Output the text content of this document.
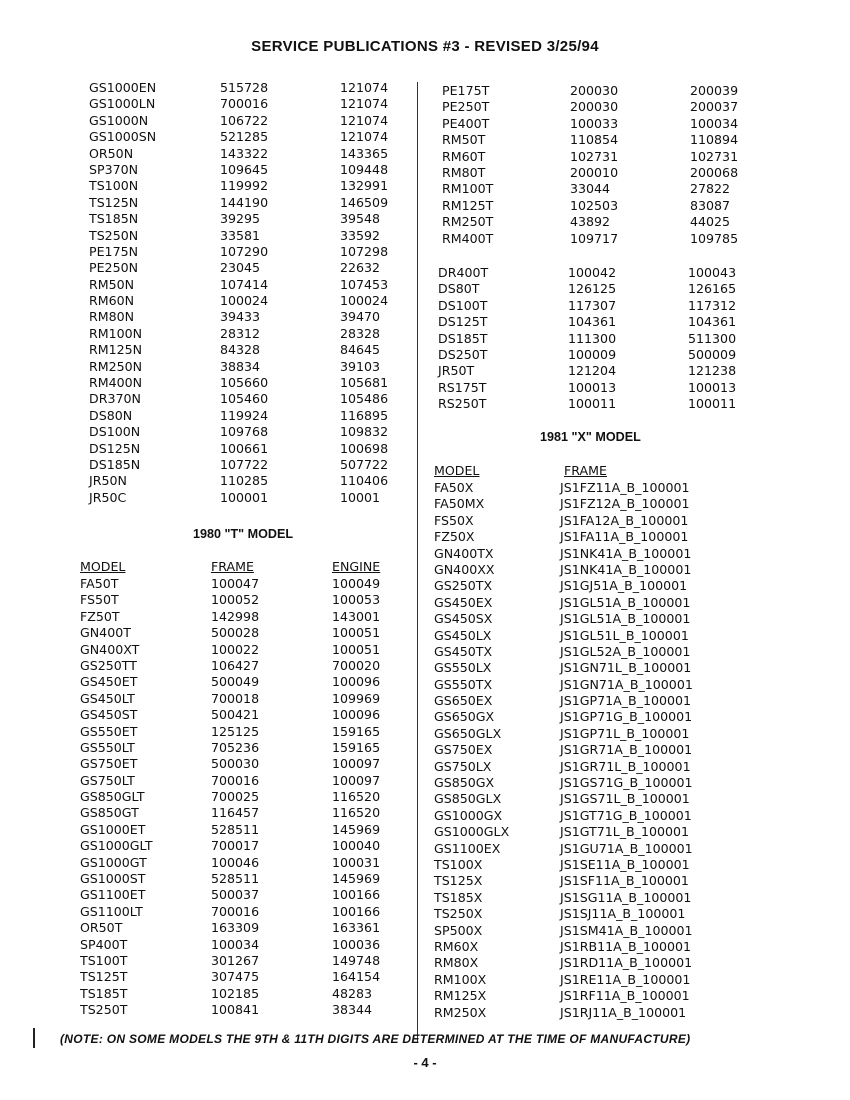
SERVICE PUBLICATIONS #3 - REVISED 3/25/94
GS1000EN	515728	121074
GS1000LN	700016	121074
GS1000N	106722	121074
GS1000SN	521285	121074
OR50N	143322	143365
SP370N	109645	109448
TS100N	119992	132991
TS125N	144190	146509
TS185N	39295	39548
TS250N	33581	33592
PE175N	107290	107298
PE250N	23045	22632
RM50N	107414	107453
RM60N	100024	100024
RM80N	39433	39470
RM100N	28312	28328
RM125N	84328	84645
RM250N	38834	39103
RM400N	105660	105681
DR370N	105460	105486
DS80N	119924	116895
DS100N	109768	109832
DS125N	100661	100698
DS185N	107722	507722
JR50N	110285	110406
JR50C	100001	10001
1980 "T" MODEL
MODEL	FRAME	ENGINE
FA50T	100047	100049
FS50T	100052	100053
FZ50T	142998	143001
GN400T	500028	100051
GN400XT	100022	100051
GS250TT	106427	700020
GS450ET	500049	100096
GS450LT	700018	109969
GS450ST	500421	100096
GS550ET	125125	159165
GS550LT	705236	159165
GS750ET	500030	100097
GS750LT	700016	100097
GS850GLT	700025	116520
GS850GT	116457	116520
GS1000ET	528511	145969
GS1000GLT	700017	100040
GS1000GT	100046	100031
GS1000ST	528511	145969
GS1100ET	500037	100166
GS1100LT	700016	100166
OR50T	163309	163361
SP400T	100034	100036
TS100T	301267	149748
TS125T	307475	164154
TS185T	102185	48283
TS250T	100841	38344
PE175T	200030	200039
PE250T	200030	200037
PE400T	100033	100034
RM50T	110854	110894
RM60T	102731	102731
RM80T	200010	200068
RM100T	33044	27822
RM125T	102503	83087
RM250T	43892	44025
RM400T	109717	109785
DR400T	100042	100043
DS80T	126125	126165
DS100T	117307	117312
DS125T	104361	104361
DS185T	111300	511300
DS250T	100009	500009
JR50T	121204	121238
RS175T	100013	100013
RS250T	100011	100011
1981 "X" MODEL
MODEL	FRAME
FA50X	JS1FZ11A_B_100001
FA50MX	JS1FZ12A_B_100001
FS50X	JS1FA12A_B_100001
FZ50X	JS1FA11A_B_100001
GN400TX	JS1NK41A_B_100001
GN400XX	JS1NK41A_B_100001
GS250TX	JS1GJ51A_B_100001
GS450EX	JS1GL51A_B_100001
GS450SX	JS1GL51A_B_100001
GS450LX	JS1GL51L_B_100001
GS450TX	JS1GL52A_B_100001
GS550LX	JS1GN71L_B_100001
GS550TX	JS1GN71A_B_100001
GS650EX	JS1GP71A_B_100001
GS650GX	JS1GP71G_B_100001
GS650GLX	JS1GP71L_B_100001
GS750EX	JS1GR71A_B_100001
GS750LX	JS1GR71L_B_100001
GS850GX	JS1GS71G_B_100001
GS850GLX	JS1GS71L_B_100001
GS1000GX	JS1GT71G_B_100001
GS1000GLX	JS1GT71L_B_100001
GS1100EX	JS1GU71A_B_100001
TS100X	JS1SE11A_B_100001
TS125X	JS1SF11A_B_100001
TS185X	JS1SG11A_B_100001
TS250X	JS1SJ11A_B_100001
SP500X	JS1SM41A_B_100001
RM60X	JS1RB11A_B_100001
RM80X	JS1RD11A_B_100001
RM100X	JS1RE11A_B_100001
RM125X	JS1RF11A_B_100001
RM250X	JS1RJ11A_B_100001
(NOTE: ON SOME MODELS THE 9TH & 11TH DIGITS ARE DETERMINED AT THE TIME OF MANUFACTURE)
- 4 -
